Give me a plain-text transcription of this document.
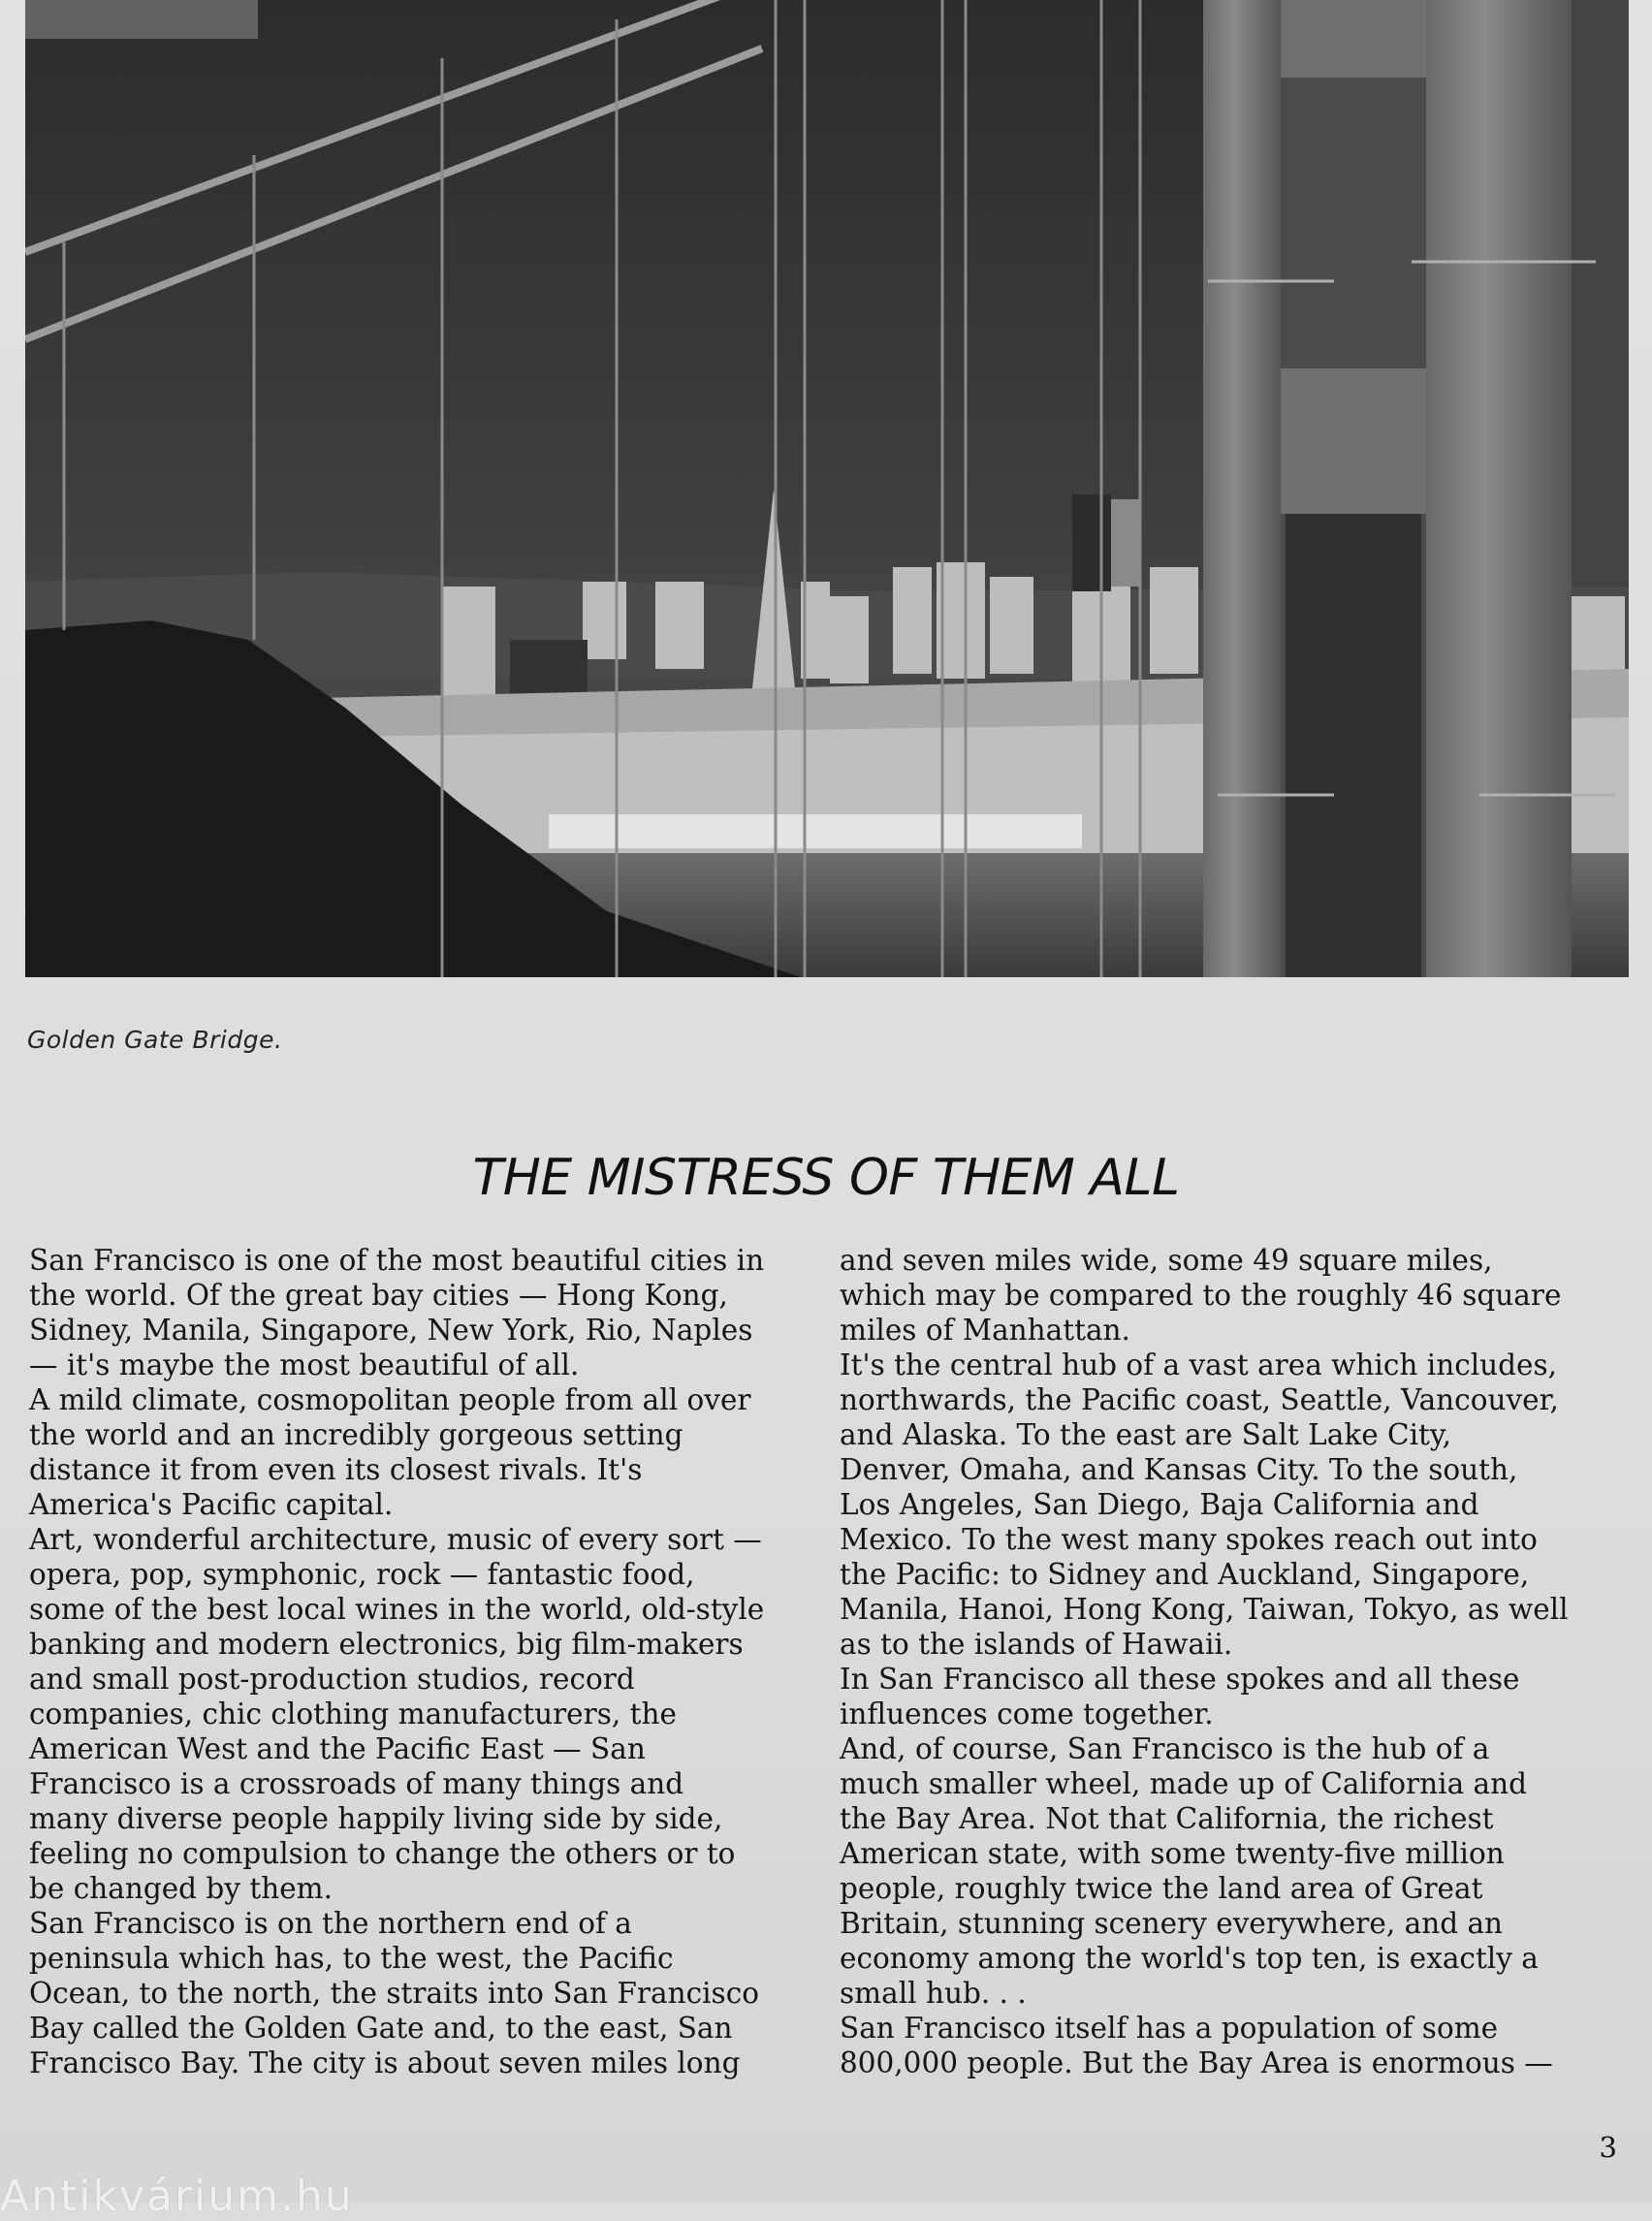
Golden Gate Bridge.
THE MISTRESS OF THEM ALL

San Francisco is one of the most beautiful cities in

the world. Of the great bay cities — Hong Kong,

Sidney, Manila, Singapore, New York, Rio, Naples

— it's maybe the most beautiful of all.

A mild climate, cosmopolitan people from all over

the world and an incredibly gorgeous setting

distance it from even its closest rivals. It's

America's Pacific capital.

Art, wonderful architecture, music of every sort —

opera, pop, symphonic, rock — fantastic food,

some of the best local wines in the world, old-style

banking and modern electronics, big film-makers

and small post-production studios, record

companies, chic clothing manufacturers, the

American West and the Pacific East — San

Francisco is a crossroads of many things and

many diverse people happily living side by side,

feeling no compulsion to change the others or to

be changed by them.

San Francisco is on the northern end of a

peninsula which has, to the west, the Pacific

Ocean, to the north, the straits into San Francisco

Bay called the Golden Gate and, to the east, San

Francisco Bay. The city is about seven miles long

and seven miles wide, some 49 square miles,

which may be compared to the roughly 46 square

miles of Manhattan.

It's the central hub of a vast area which includes,

northwards, the Pacific coast, Seattle, Vancouver,

and Alaska. To the east are Salt Lake City,

Denver, Omaha, and Kansas City. To the south,

Los Angeles, San Diego, Baja California and

Mexico. To the west many spokes reach out into

the Pacific: to Sidney and Auckland, Singapore,

Manila, Hanoi, Hong Kong, Taiwan, Tokyo, as well

as to the islands of Hawaii.

In San Francisco all these spokes and all these

influences come together.

And, of course, San Francisco is the hub of a

much smaller wheel, made up of California and

the Bay Area. Not that California, the richest

American state, with some twenty-five million

people, roughly twice the land area of Great

Britain, stunning scenery everywhere, and an

economy among the world's top ten, is exactly a

small hub. . .

San Francisco itself has a population of some

800,000 people. But the Bay Area is enormous —

3
Antikvárium.hu
